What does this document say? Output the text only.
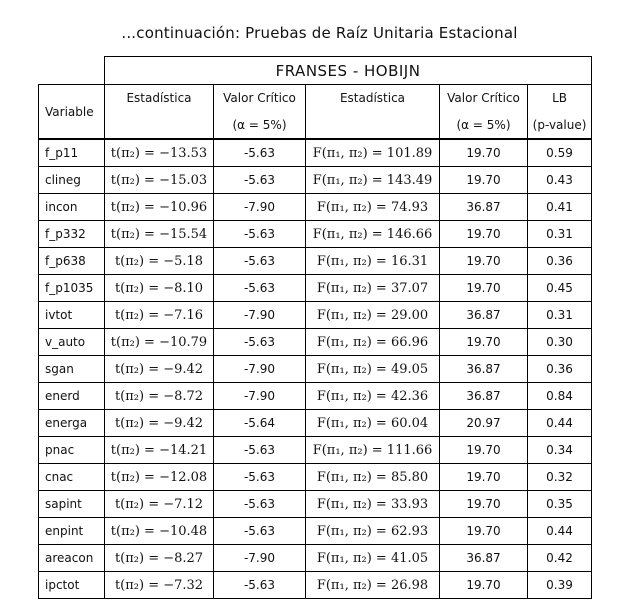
...continuación: Pruebas de Raíz Unitaria Estacional
	FRANSES - HOBIJN				
Variable	Estadística	Valor Crítico	Estadística	Valor Crítico	LB
		(α = 5%)		(α = 5%)	(p-value)
f_p11	t(π₂) = −13.53	-5.63	F(π₁, π₂) = 101.89	19.70	0.59
clineg	t(π₂) = −15.03	-5.63	F(π₁, π₂) = 143.49	19.70	0.43
incon	t(π₂) = −10.96	-7.90	F(π₁, π₂) = 74.93	36.87	0.41
f_p332	t(π₂) = −15.54	-5.63	F(π₁, π₂) = 146.66	19.70	0.31
f_p638	t(π₂) = −5.18	-5.63	F(π₁, π₂) = 16.31	19.70	0.36
f_p1035	t(π₂) = −8.10	-5.63	F(π₁, π₂) = 37.07	19.70	0.45
ivtot	t(π₂) = −7.16	-7.90	F(π₁, π₂) = 29.00	36.87	0.31
v_auto	t(π₂) = −10.79	-5.63	F(π₁, π₂) = 66.96	19.70	0.30
sgan	t(π₂) = −9.42	-7.90	F(π₁, π₂) = 49.05	36.87	0.36
enerd	t(π₂) = −8.72	-7.90	F(π₁, π₂) = 42.36	36.87	0.84
energa	t(π₂) = −9.42	-5.64	F(π₁, π₂) = 60.04	20.97	0.44
pnac	t(π₂) = −14.21	-5.63	F(π₁, π₂) = 111.66	19.70	0.34
cnac	t(π₂) = −12.08	-5.63	F(π₁, π₂) = 85.80	19.70	0.32
sapint	t(π₂) = −7.12	-5.63	F(π₁, π₂) = 33.93	19.70	0.35
enpint	t(π₂) = −10.48	-5.63	F(π₁, π₂) = 62.93	19.70	0.44
areacon	t(π₂) = −8.27	-7.90	F(π₁, π₂) = 41.05	36.87	0.42
ipctot	t(π₂) = −7.32	-5.63	F(π₁, π₂) = 26.98	19.70	0.39
